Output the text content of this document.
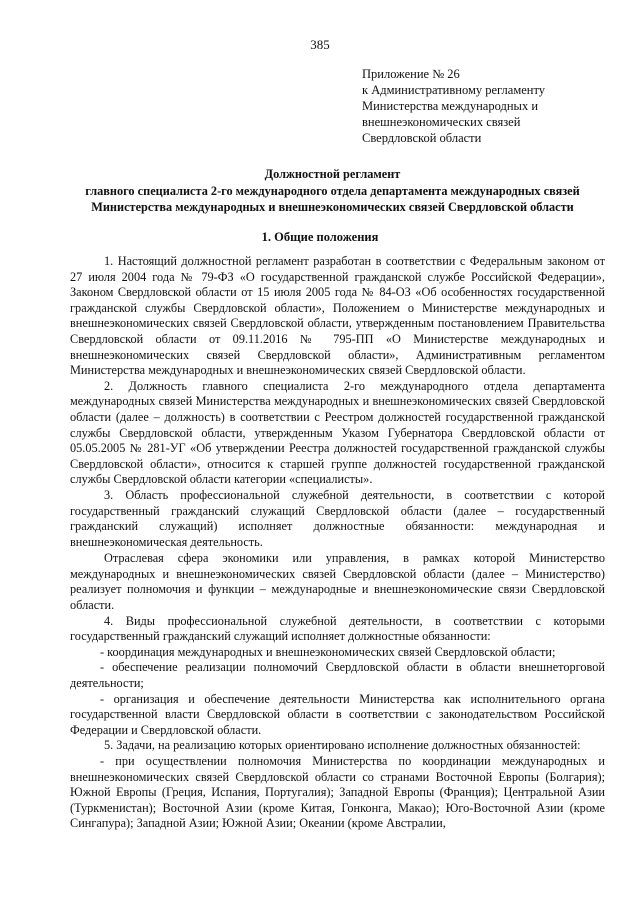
385
Приложение № 26
к Административному регламенту
Министерства международных и
внешнеэкономических связей
Свердловской области
Должностной регламент
главного специалиста 2-го международного отдела департамента международных связей
Министерства международных и внешнеэкономических связей Свердловской области
1. Общие положения

1. Настоящий должностной регламент разработан в соответствии с Федеральным законом от 27 июля 2004 года № 79-ФЗ «О государственной гражданской службе Российской Федерации», Законом Свердловской области от 15 июля 2005 года № 84-ОЗ «Об особенностях государственной гражданской службы Свердловской области», Положением о Министерстве международных и внешнеэкономических связей Свердловской области, утвержденным постановлением Правительства Свердловской области от 09.11.2016 № 795-ПП «О Министерстве международных и внешнеэкономических связей Свердловской области», Административным регламентом Министерства международных и внешнеэкономических связей Свердловской области.

2. Должность главного специалиста 2-го международного отдела департамента международных связей Министерства международных и внешнеэкономических связей Свердловской области (далее – должность) в соответствии с Реестром должностей государственной гражданской службы Свердловской области, утвержденным Указом Губернатора Свердловской области от 05.05.2005 № 281-УГ «Об утверждении Реестра должностей государственной гражданской службы Свердловской области», относится к старшей группе должностей государственной гражданской службы Свердловской области категории «специалисты».

3. Область профессиональной служебной деятельности, в соответствии с которой государственный гражданский служащий Свердловской области (далее – государственный гражданский служащий) исполняет должностные обязанности: международная и внешнеэкономическая деятельность.

Отраслевая сфера экономики или управления, в рамках которой Министерство международных и внешнеэкономических связей Свердловской области (далее – Министерство) реализует полномочия и функции – международные и внешнеэкономические связи Свердловской области.

4. Виды профессиональной служебной деятельности, в соответствии с которыми государственный гражданский служащий исполняет должностные обязанности:

- координация международных и внешнеэкономических связей Свердловской области;

- обеспечение реализации полномочий Свердловской области в области внешнеторговой деятельности;

- организация и обеспечение деятельности Министерства как исполнительного органа государственной власти Свердловской области в соответствии с законодательством Российской Федерации и Свердловской области.

5. Задачи, на реализацию которых ориентировано исполнение должностных обязанностей:

- при осуществлении полномочия Министерства по координации международных и внешнеэкономических связей Свердловской области со странами Восточной Европы (Болгария); Южной Европы (Греция, Испания, Португалия); Западной Европы (Франция); Центральной Азии (Туркменистан); Восточной Азии (кроме Китая, Гонконга, Макао); Юго-Восточной Азии (кроме Сингапура); Западной Азии; Южной Азии; Океании (кроме Австралии,
